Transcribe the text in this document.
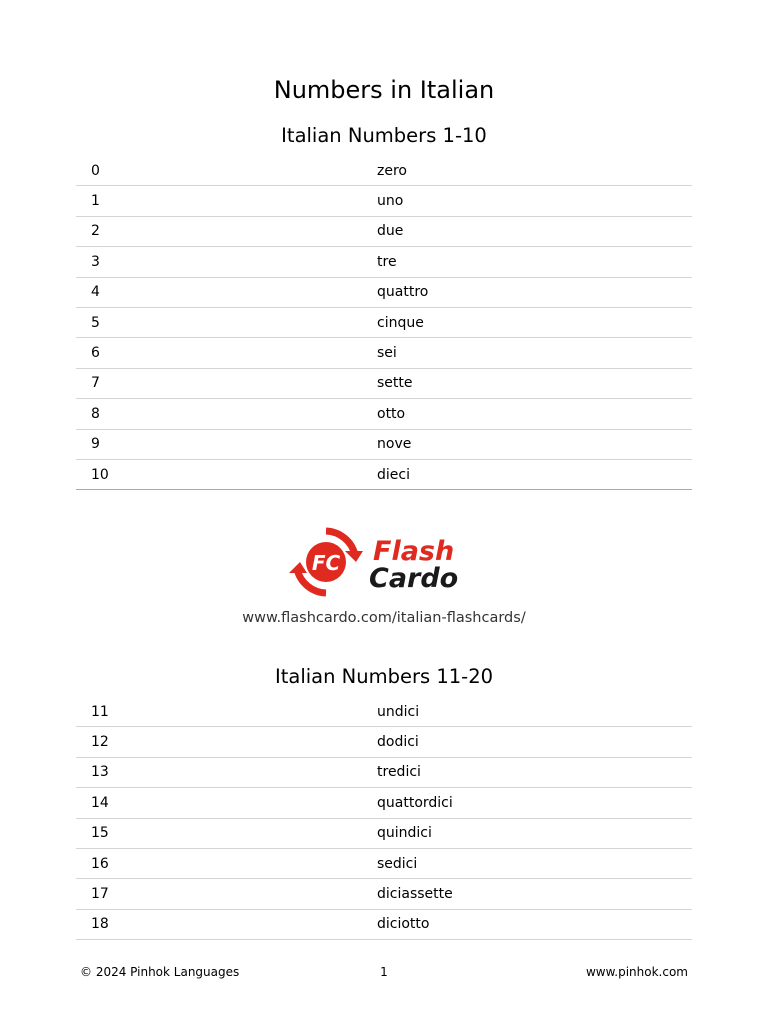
Numbers in Italian
Italian Numbers 1-10
0	zero
1	uno
2	due
3	tre
4	quattro
5	cinque
6	sei
7	sette
8	otto
9	nove
10	dieci
FC Flash
Cardo
www.flashcardo.com/italian-flashcards/
Italian Numbers 11-20
11	undici
12	dodici
13	tredici
14	quattordici
15	quindici
16	sedici
17	diciassette
18	diciotto
© 2024 Pinhok Languages	1	www.pinhok.com
